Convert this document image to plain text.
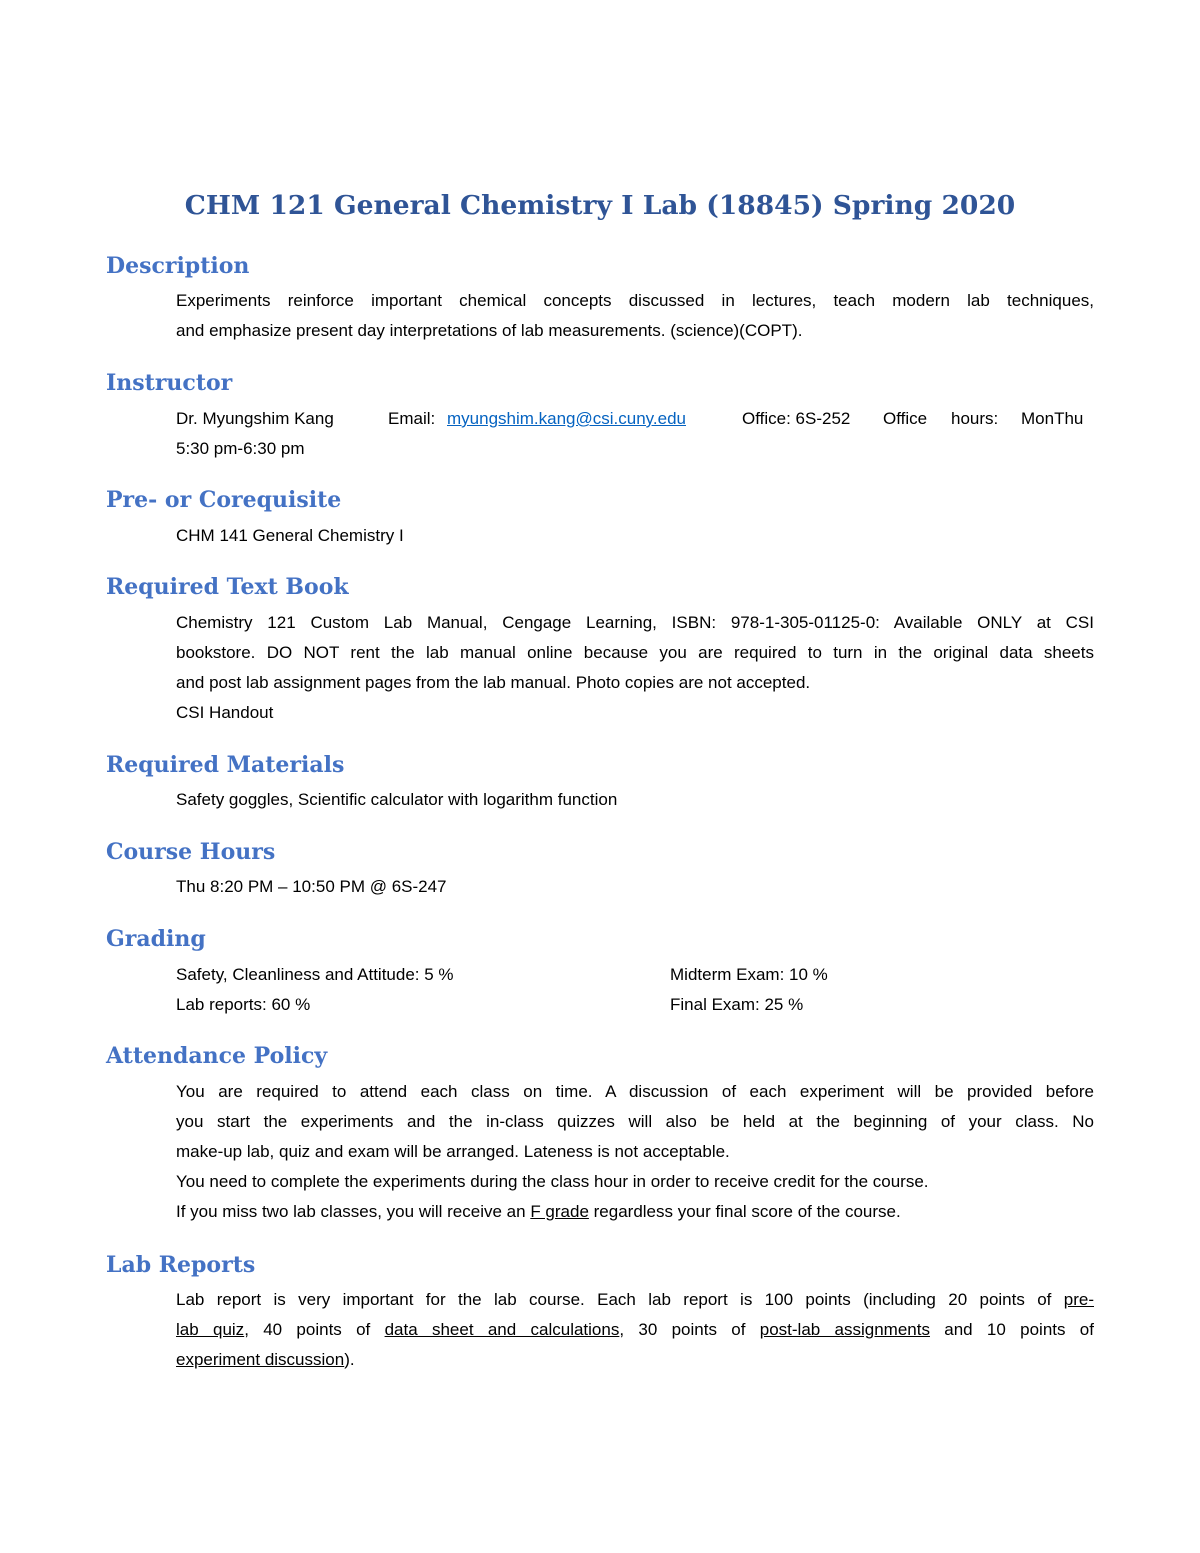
CHM 121 General Chemistry I Lab (18845) Spring 2020
Description
Experiments reinforce important chemical concepts discussed in lectures, teach modern lab techniques,
and emphasize present day interpretations of lab measurements. (science)(COPT).
Instructor
Dr. Myungshim Kang	Email: myungshim.kang@csi.cuny.edu	Office: 6S-252 Office hours: MonThu
5:30 pm-6:30 pm
Pre- or Corequisite
CHM 141 General Chemistry I
Required Text Book
Chemistry 121 Custom Lab Manual, Cengage Learning, ISBN: 978-1-305-01125-0: Available ONLY at CSI
bookstore. DO NOT rent the lab manual online because you are required to turn in the original data sheets
and post lab assignment pages from the lab manual. Photo copies are not accepted.
CSI Handout
Required Materials
Safety goggles, Scientific calculator with logarithm function
Course Hours
Thu 8:20 PM – 10:50 PM @ 6S-247
Grading
Safety, Cleanliness and Attitude: 5 %	Midterm Exam: 10 %
Lab reports: 60 %	Final Exam: 25 %
Attendance Policy
You are required to attend each class on time. A discussion of each experiment will be provided before
you start the experiments and the in-class quizzes will also be held at the beginning of your class. No
make-up lab, quiz and exam will be arranged. Lateness is not acceptable.
You need to complete the experiments during the class hour in order to receive credit for the course.
If you miss two lab classes, you will receive an F grade regardless your final score of the course.
Lab Reports
Lab report is very important for the lab course. Each lab report is 100 points (including 20 points of pre-
lab quiz, 40 points of data sheet and calculations, 30 points of post-lab assignments and 10 points of
experiment discussion).
